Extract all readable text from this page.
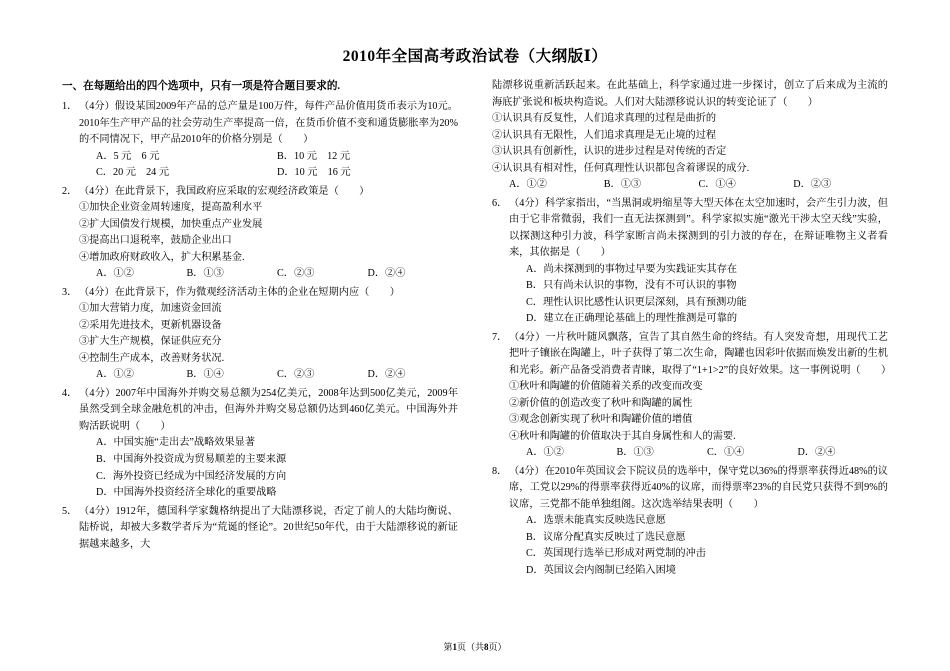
2010年全国高考政治试卷（大纲版Ⅰ）
一、在每题给出的四个选项中，只有一项是符合题目要求的.
1． （4分）假设某国2009年产品的总产量是100万件，每件产品价值用货币表示为10元。2010年生产甲产品的社会劳动生产率提高一倍，在货币价值不变和通货膨胀率为20%的不同情况下，甲产品2010年的价格分别是（　　）

A．5 元　6 元	B．10 元　12 元
C．20 元　24 元	D．10 元　16 元
2． （4分）在此背景下，我国政府应采取的宏观经济政策是（　　）

①加快企业资金周转速度，提高盈利水平

②扩大国债发行规模，加快重点产业发展

③提高出口退税率，鼓励企业出口

④增加政府财政收入，扩大积累基金.

A．①②	B．①③	C．②③	D．②④
3． （4分）在此背景下，作为微观经济活动主体的企业在短期内应（　　）

①加大营销力度，加速资金回流

②采用先进技术，更新机器设备

③扩大生产规模，保证供应充分

④控制生产成本，改善财务状况.

A．①②	B．①④	C．②③	D．②④
4． （4分）2007年中国海外并购交易总额为254亿美元，2008年达到500亿美元，2009年虽然受到全球金融危机的冲击，但海外并购交易总额仍达到460亿美元。中国海外并购活跃说明（　　）

A．中国实施“走出去”战略效果显著

B．中国海外投资成为贸易顺差的主要来源

C．海外投资已经成为中国经济发展的方向

D．中国海外投资经济全球化的重要战略

5． （4分）1912年，德国科学家魏格纳提出了大陆漂移说，否定了前人的大陆均衡说、陆桥说，却被大多数学者斥为“荒诞的怪论”。20世纪50年代，由于大陆漂移说的新证据越来越多，大

陆漂移说重新活跃起来。在此基础上，科学家通过进一步探讨，创立了后来成为主流的海底扩张说和板块构造说。人们对大陆漂移说认识的转变论证了（　　）

①认识具有反复性，人们追求真理的过程是曲折的

②认识具有无限性，人们追求真理是无止境的过程

③认识具有创新性，认识的进步过程是对传统的否定

④认识具有相对性，任何真理性认识都包含着谬误的成分.

A．①②	B．①③	C．①④	D．②③
6． （4分）科学家指出，“当黑洞或坍缩星等大型天体在太空加速时，会产生引力波，但由于它非常微弱，我们一直无法探测到”。科学家拟实施“激光干涉太空天线”实验，以探测这种引力波，科学家断言尚未探测到的引力波的存在，在辩证唯物主义者看来，其依据是（　　）

A．尚未探测到的事物过早要为实践证实其存在

B．只有尚未认识的事物，没有不可认识的事物

C．理性认识比感性认识更层深刻，具有预测功能

D．建立在正确理论基础上的理性推测是可靠的

7． （4分）一片秋叶随风飘落，宣告了其自然生命的终结。有人突发奇想，用现代工艺把叶子镶嵌在陶罐上，叶子获得了第二次生命，陶罐也因彩叶依据而焕发出新的生机和光彩。新产品备受消费者青睐，取得了“1+1>2”的良好效果。这一事例说明（　　）

①秋叶和陶罐的价值随着关系的改变而改变

②新价值的创造改变了秋叶和陶罐的属性

③观念创新实现了秋叶和陶罐价值的增值

④秋叶和陶罐的价值取决于其自身属性和人的需要.

A．①②	B．①③	C．①④	D．②④
8． （4分）在2010年英国议会下院议员的选举中，保守党以36%的得票率获得近48%的议席，工党以29%的得票率获得近40%的议席，而得票率23%的自民党只获得不到9%的议席，三党都不能单独组阁。这次选举结果表明（　　）

A．选票未能真实反映选民意愿

B．议席分配真实反映过了选民意愿

C．英国现行选举已形成对两党制的冲击

D．英国议会内阁制已经陷入困境

第1页（共8页）
